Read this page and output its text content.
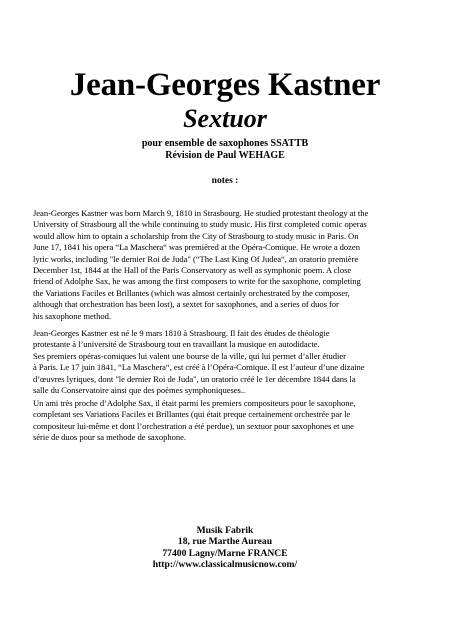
Jean-Georges Kastner
Sextuor
pour ensemble de saxophones SSATTB
Révision de Paul WEHAGE
notes :
Jean-Georges Kastner was born March 9, 1810 in Strasbourg. He studied protestant theology at the
University of Strasbourg all the while continuing to study music. His first completed comic operas
would allow him to optain a scholarship from the City of Strasbourg to study music in Paris. On
June 17, 1841 his opera “La Maschera“ was premièred at the Opéra-Comique. He wrote a dozen
lyric works, including "le dernier Roi de Juda" (“The Last King Of Judea“, an oratorio première
December 1st, 1844 at the Hall of the Paris Conservatory as well as symphonic poem. A close
friend of Adolphe Sax, he was among the first composers to write for the saxophone, completing
the Variations Faciles et Brillantes (which was almost certainly orchestrated by the composer,
although that orchestration has been lost), a sextet for saxophones, and a series of duos for
his saxophone method.
Jean-Georges Kastner est né le 9 mars 1810 à Strasbourg. Il fait des études de théologie
protestante à l’université de Strasbourg tout en travaillant la musique en autodidacte.
Ses premiers opéras-comiques lui valent une bourse de la ville, qui lui permet d’aller étudier
à Paris. Le 17 juin 1841, “La Maschera“, est créé à l’Opéra-Comique. Il est l’auteur d’une dizaine
d’œuvres lyriques, dont "le dernier Roi de Juda", un oratorio créé le 1er décembre 1844 dans la
salle du Conservatoire ainsi que des poèmes symphoniqueses..
Un ami très proche d’Adolphe Sax, il était parmi les premiers compositeurs pour le saxophone,
completant ses Variations Faciles et Brillantes (qui était preque certainement orchestrée par le
compositeur lui-même et dont l’orchestration a été perdue), un sextuor pour saxophones et une
série de duos pour sa methode de saxophone.
Musik Fabrik
18, rue Marthe Aureau
77400 Lagny/Marne FRANCE
http://www.classicalmusicnow.com/
